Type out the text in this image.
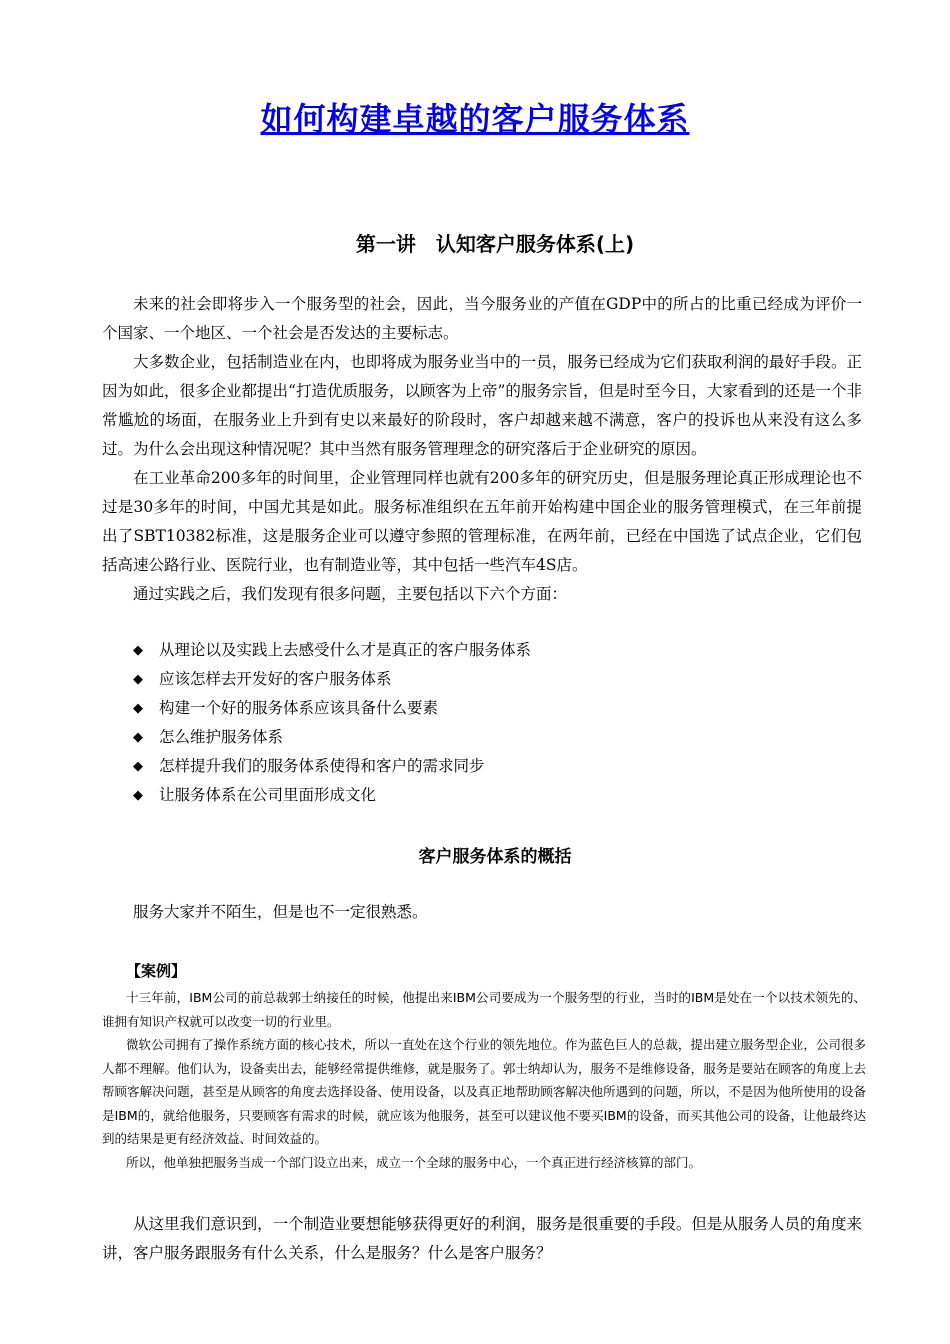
如何构建卓越的客户服务体系
第一讲　认知客户服务体系(上)

未来的社会即将步入一个服务型的社会，因此，当今服务业的产值在GDP中的所占的比重已经成为评价一个国家、一个地区、一个社会是否发达的主要标志。

大多数企业，包括制造业在内，也即将成为服务业当中的一员，服务已经成为它们获取利润的最好手段。正因为如此，很多企业都提出“打造优质服务，以顾客为上帝”的服务宗旨，但是时至今日，大家看到的还是一个非常尴尬的场面，在服务业上升到有史以来最好的阶段时，客户却越来越不满意，客户的投诉也从来没有这么多过。为什么会出现这种情况呢？其中当然有服务管理理念的研究落后于企业研究的原因。

在工业革命200多年的时间里，企业管理同样也就有200多年的研究历史，但是服务理论真正形成理论也不过是30多年的时间，中国尤其是如此。服务标准组织在五年前开始构建中国企业的服务管理模式，在三年前提出了SBT10382标准，这是服务企业可以遵守参照的管理标准，在两年前，已经在中国选了试点企业，它们包括高速公路行业、医院行业，也有制造业等，其中包括一些汽车4S店。

通过实践之后，我们发现有很多问题，主要包括以下六个方面：

◆ 从理论以及实践上去感受什么才是真正的客户服务体系
◆ 应该怎样去开发好的客户服务体系
◆ 构建一个好的服务体系应该具备什么要素
◆ 怎么维护服务体系
◆ 怎样提升我们的服务体系使得和客户的需求同步
◆ 让服务体系在公司里面形成文化
客户服务体系的概括

服务大家并不陌生，但是也不一定很熟悉。

【案例】

十三年前，IBM公司的前总裁郭士纳接任的时候，他提出来IBM公司要成为一个服务型的行业，当时的IBM是处在一个以技术领先的、谁拥有知识产权就可以改变一切的行业里。

微软公司拥有了操作系统方面的核心技术，所以一直处在这个行业的领先地位。作为蓝色巨人的总裁，提出建立服务型企业，公司很多人都不理解。他们认为，设备卖出去，能够经常提供维修，就是服务了。郭士纳却认为，服务不是维修设备，服务是要站在顾客的角度上去帮顾客解决问题，甚至是从顾客的角度去选择设备、使用设备，以及真正地帮助顾客解决他所遇到的问题，所以，不是因为他所使用的设备是IBM的，就给他服务，只要顾客有需求的时候，就应该为他服务，甚至可以建议他不要买IBM的设备，而买其他公司的设备，让他最终达到的结果是更有经济效益、时间效益的。

所以，他单独把服务当成一个部门设立出来，成立一个全球的服务中心，一个真正进行经济核算的部门。

从这里我们意识到，一个制造业要想能够获得更好的利润，服务是很重要的手段。但是从服务人员的角度来讲，客户服务跟服务有什么关系，什么是服务？什么是客户服务？
